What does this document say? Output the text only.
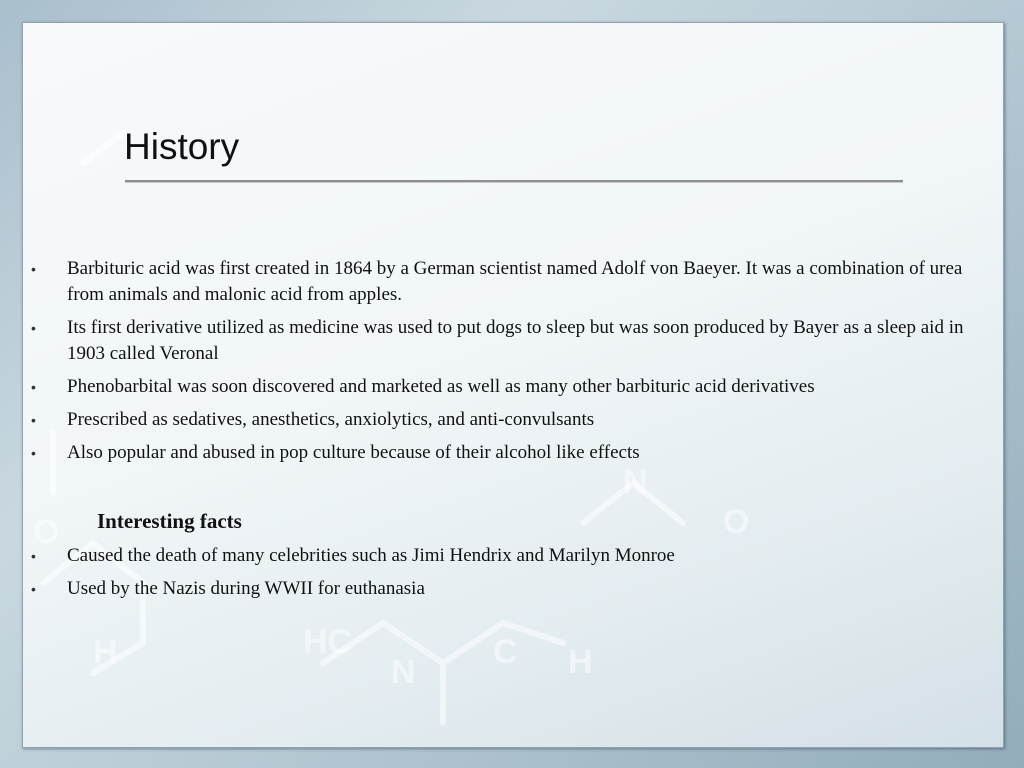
O
H	HC
N
C H
N
O
History
• Barbituric acid was first created in 1864 by a German scientist named Adolf von Baeyer. It was a combination of urea from animals and malonic acid from apples.
• Its first derivative utilized as medicine was used to put dogs to sleep but was soon produced by Bayer as a sleep aid in 1903 called Veronal
• Phenobarbital was soon discovered and marketed as well as many other barbituric acid derivatives
• Prescribed as sedatives, anesthetics, anxiolytics, and anti-convulsants
• Also popular and abused in pop culture because of their alcohol like effects
Interesting facts
• Caused the death of many celebrities such as Jimi Hendrix and Marilyn Monroe
• Used by the Nazis during WWII for euthanasia
